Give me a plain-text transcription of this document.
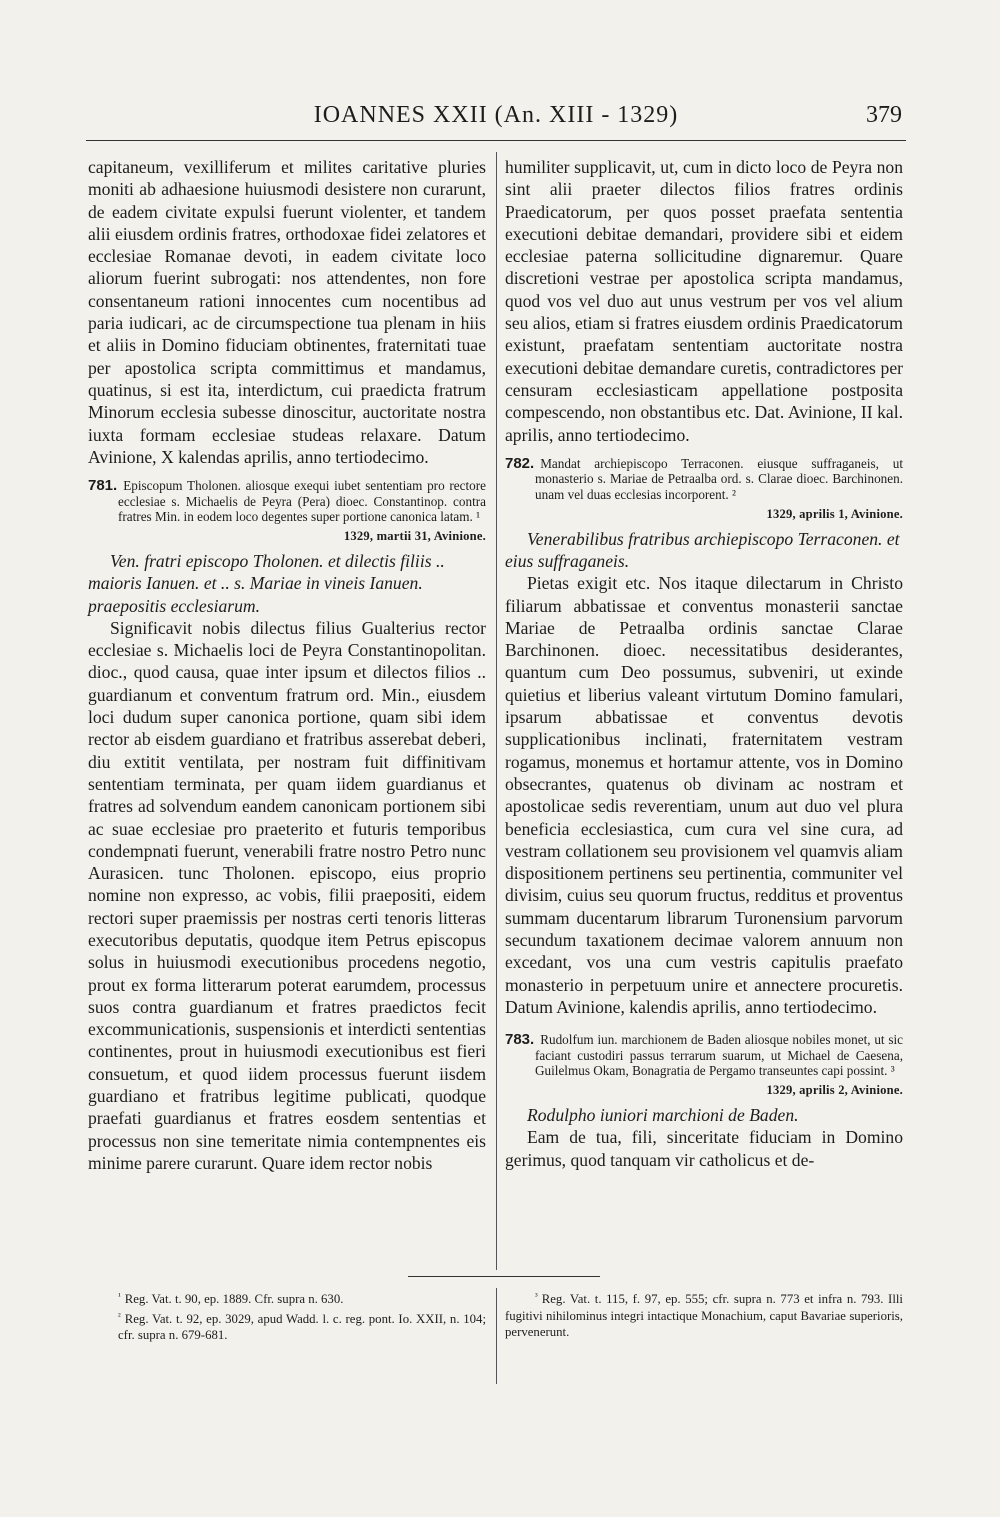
IOANNES XXII (An. XIII - 1329)	379

capitaneum, vexilliferum et milites caritative pluries moniti ab adhaesione huiusmodi desistere non curarunt, de eadem civitate expulsi fuerunt violenter, et tandem alii eiusdem ordinis fratres, orthodoxae fidei zelatores et ecclesiae Romanae devoti, in eadem civitate loco aliorum fuerint subrogati: nos attendentes, non fore consentaneum rationi innocentes cum nocentibus ad paria iudicari, ac de circumspectione tua plenam in hiis et aliis in Domino fiduciam obtinentes, fraternitati tuae per apostolica scripta committimus et mandamus, quatinus, si est ita, interdictum, cui praedicta fratrum Minorum ecclesia subesse dinoscitur, auctoritate nostra iuxta formam ecclesiae studeas relaxare. Datum Avinione, X kalendas aprilis, anno tertiodecimo.

781. Episcopum Tholonen. aliosque exequi iubet sententiam pro rectore ecclesiae s. Michaelis de Peyra (Pera) dioec. Constantinop. contra fratres Min. in eodem loco degentes super portione canonica latam. ¹

1329, martii 31, Avinione.

Ven. fratri episcopo Tholonen. et dilectis filiis .. maioris Ianuen. et .. s. Mariae in vineis Ianuen. praepositis ecclesiarum.

Significavit nobis dilectus filius Gualterius rector ecclesiae s. Michaelis loci de Peyra Constantinopolitan. dioc., quod causa, quae inter ipsum et dilectos filios .. guardianum et conventum fratrum ord. Min., eiusdem loci dudum super canonica portione, quam sibi idem rector ab eisdem guardiano et fratribus asserebat deberi, diu extitit ventilata, per nostram fuit diffinitivam sententiam terminata, per quam iidem guardianus et fratres ad solvendum eandem canonicam portionem sibi ac suae ecclesiae pro praeterito et futuris temporibus condempnati fuerunt, venerabili fratre nostro Petro nunc Aurasicen. tunc Tholonen. episcopo, eius proprio nomine non expresso, ac vobis, filii praepositi, eidem rectori super praemissis per nostras certi tenoris litteras executoribus deputatis, quodque item Petrus episcopus solus in huiusmodi executionibus procedens negotio, prout ex forma litterarum poterat earumdem, processus suos contra guardianum et fratres praedictos fecit excommunicationis, suspensionis et interdicti sententias continentes, prout in huiusmodi executionibus est fieri consuetum, et quod iidem processus fuerunt iisdem guardiano et fratribus legitime publicati, quodque praefati guardianus et fratres eosdem sententias et processus non sine temeritate nimia contempnentes eis minime parere curarunt. Quare idem rector nobis

humiliter supplicavit, ut, cum in dicto loco de Peyra non sint alii praeter dilectos filios fratres ordinis Praedicatorum, per quos posset praefata sententia executioni debitae demandari, providere sibi et eidem ecclesiae paterna sollicitudine dignaremur. Quare discretioni vestrae per apostolica scripta mandamus, quod vos vel duo aut unus vestrum per vos vel alium seu alios, etiam si fratres eiusdem ordinis Praedicatorum existunt, praefatam sententiam auctoritate nostra executioni debitae demandare curetis, contradictores per censuram ecclesiasticam appellatione postposita compescendo, non obstantibus etc. Dat. Avinione, II kal. aprilis, anno tertiodecimo.

782. Mandat archiepiscopo Terraconen. eiusque suffraganeis, ut monasterio s. Mariae de Petraalba ord. s. Clarae dioec. Barchinonen. unam vel duas ecclesias incorporent. ²

1329, aprilis 1, Avinione.

Venerabilibus fratribus archiepiscopo Terraconen. et eius suffraganeis.

Pietas exigit etc. Nos itaque dilectarum in Christo filiarum abbatissae et conventus monasterii sanctae Mariae de Petraalba ordinis sanctae Clarae Barchinonen. dioec. necessitatibus desiderantes, quantum cum Deo possumus, subveniri, ut exinde quietius et liberius valeant virtutum Domino famulari, ipsarum abbatissae et conventus devotis supplicationibus inclinati, fraternitatem vestram rogamus, monemus et hortamur attente, vos in Domino obsecrantes, quatenus ob divinam ac nostram et apostolicae sedis reverentiam, unum aut duo vel plura beneficia ecclesiastica, cum cura vel sine cura, ad vestram collationem seu provisionem vel quamvis aliam dispositionem pertinens seu pertinentia, communiter vel divisim, cuius seu quorum fructus, redditus et proventus summam ducentarum librarum Turonensium parvorum secundum taxationem decimae valorem annuum non excedant, vos una cum vestris capitulis praefato monasterio in perpetuum unire et annectere procuretis. Datum Avinione, kalendis aprilis, anno tertiodecimo.

783. Rudolfum iun. marchionem de Baden aliosque nobiles monet, ut sic faciant custodiri passus terrarum suarum, ut Michael de Caesena, Guilelmus Okam, Bonagratia de Pergamo transeuntes capi possint. ³

1329, aprilis 2, Avinione.

Rodulpho iuniori marchioni de Baden.

Eam de tua, fili, sinceritate fiduciam in Domino gerimus, quod tanquam vir catholicus et de-

$^{^1}$ Reg. Vat. t. 90, ep. 1889. Cfr. supra n. 630.

$^{^2}$ Reg. Vat. t. 92, ep. 3029, apud Wadd. l. c. reg. pont. Io. XXII, n. 104; cfr. supra n. 679-681.

$^{^3}$ Reg. Vat. t. 115, f. 97, ep. 555; cfr. supra n. 773 et infra n. 793. Illi fugitivi nihilominus integri intactique Monachium, caput Bavariae superioris, pervenerunt.
